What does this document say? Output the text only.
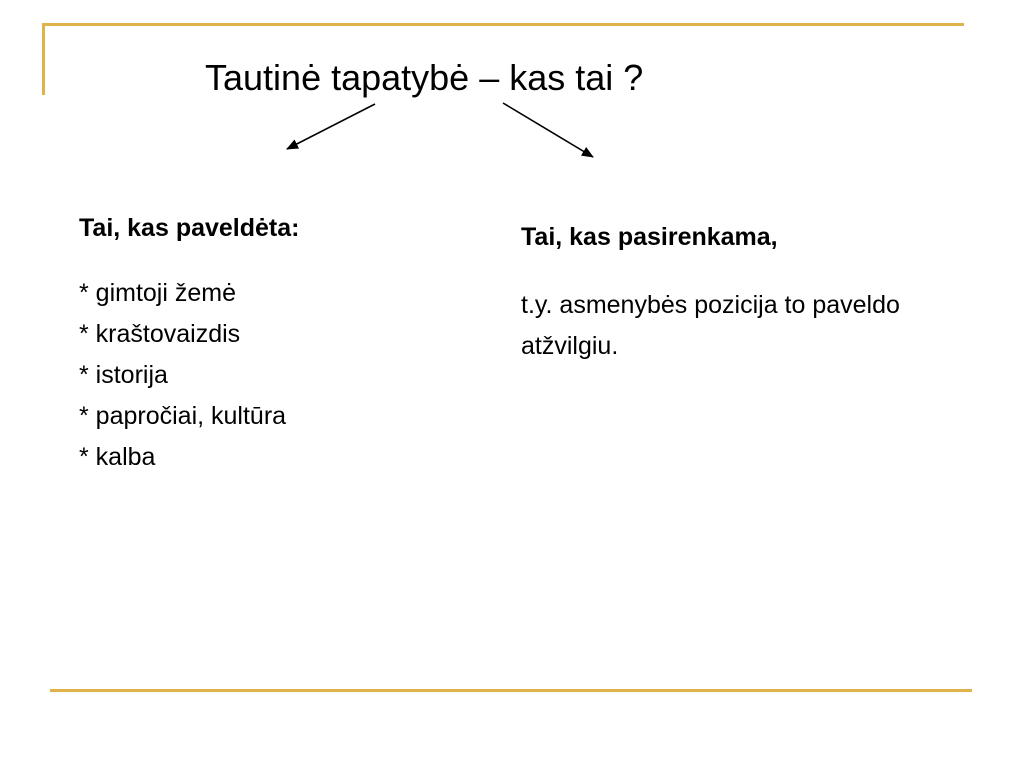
Tautinė tapatybė – kas tai ?

Tai, kas paveldėta:

* gimtoji žemė
* kraštovaizdis
* istorija
* papročiai, kultūra
* kalba

Tai, kas pasirenkama,

t.y. asmenybės pozicija to paveldo atžvilgiu.
